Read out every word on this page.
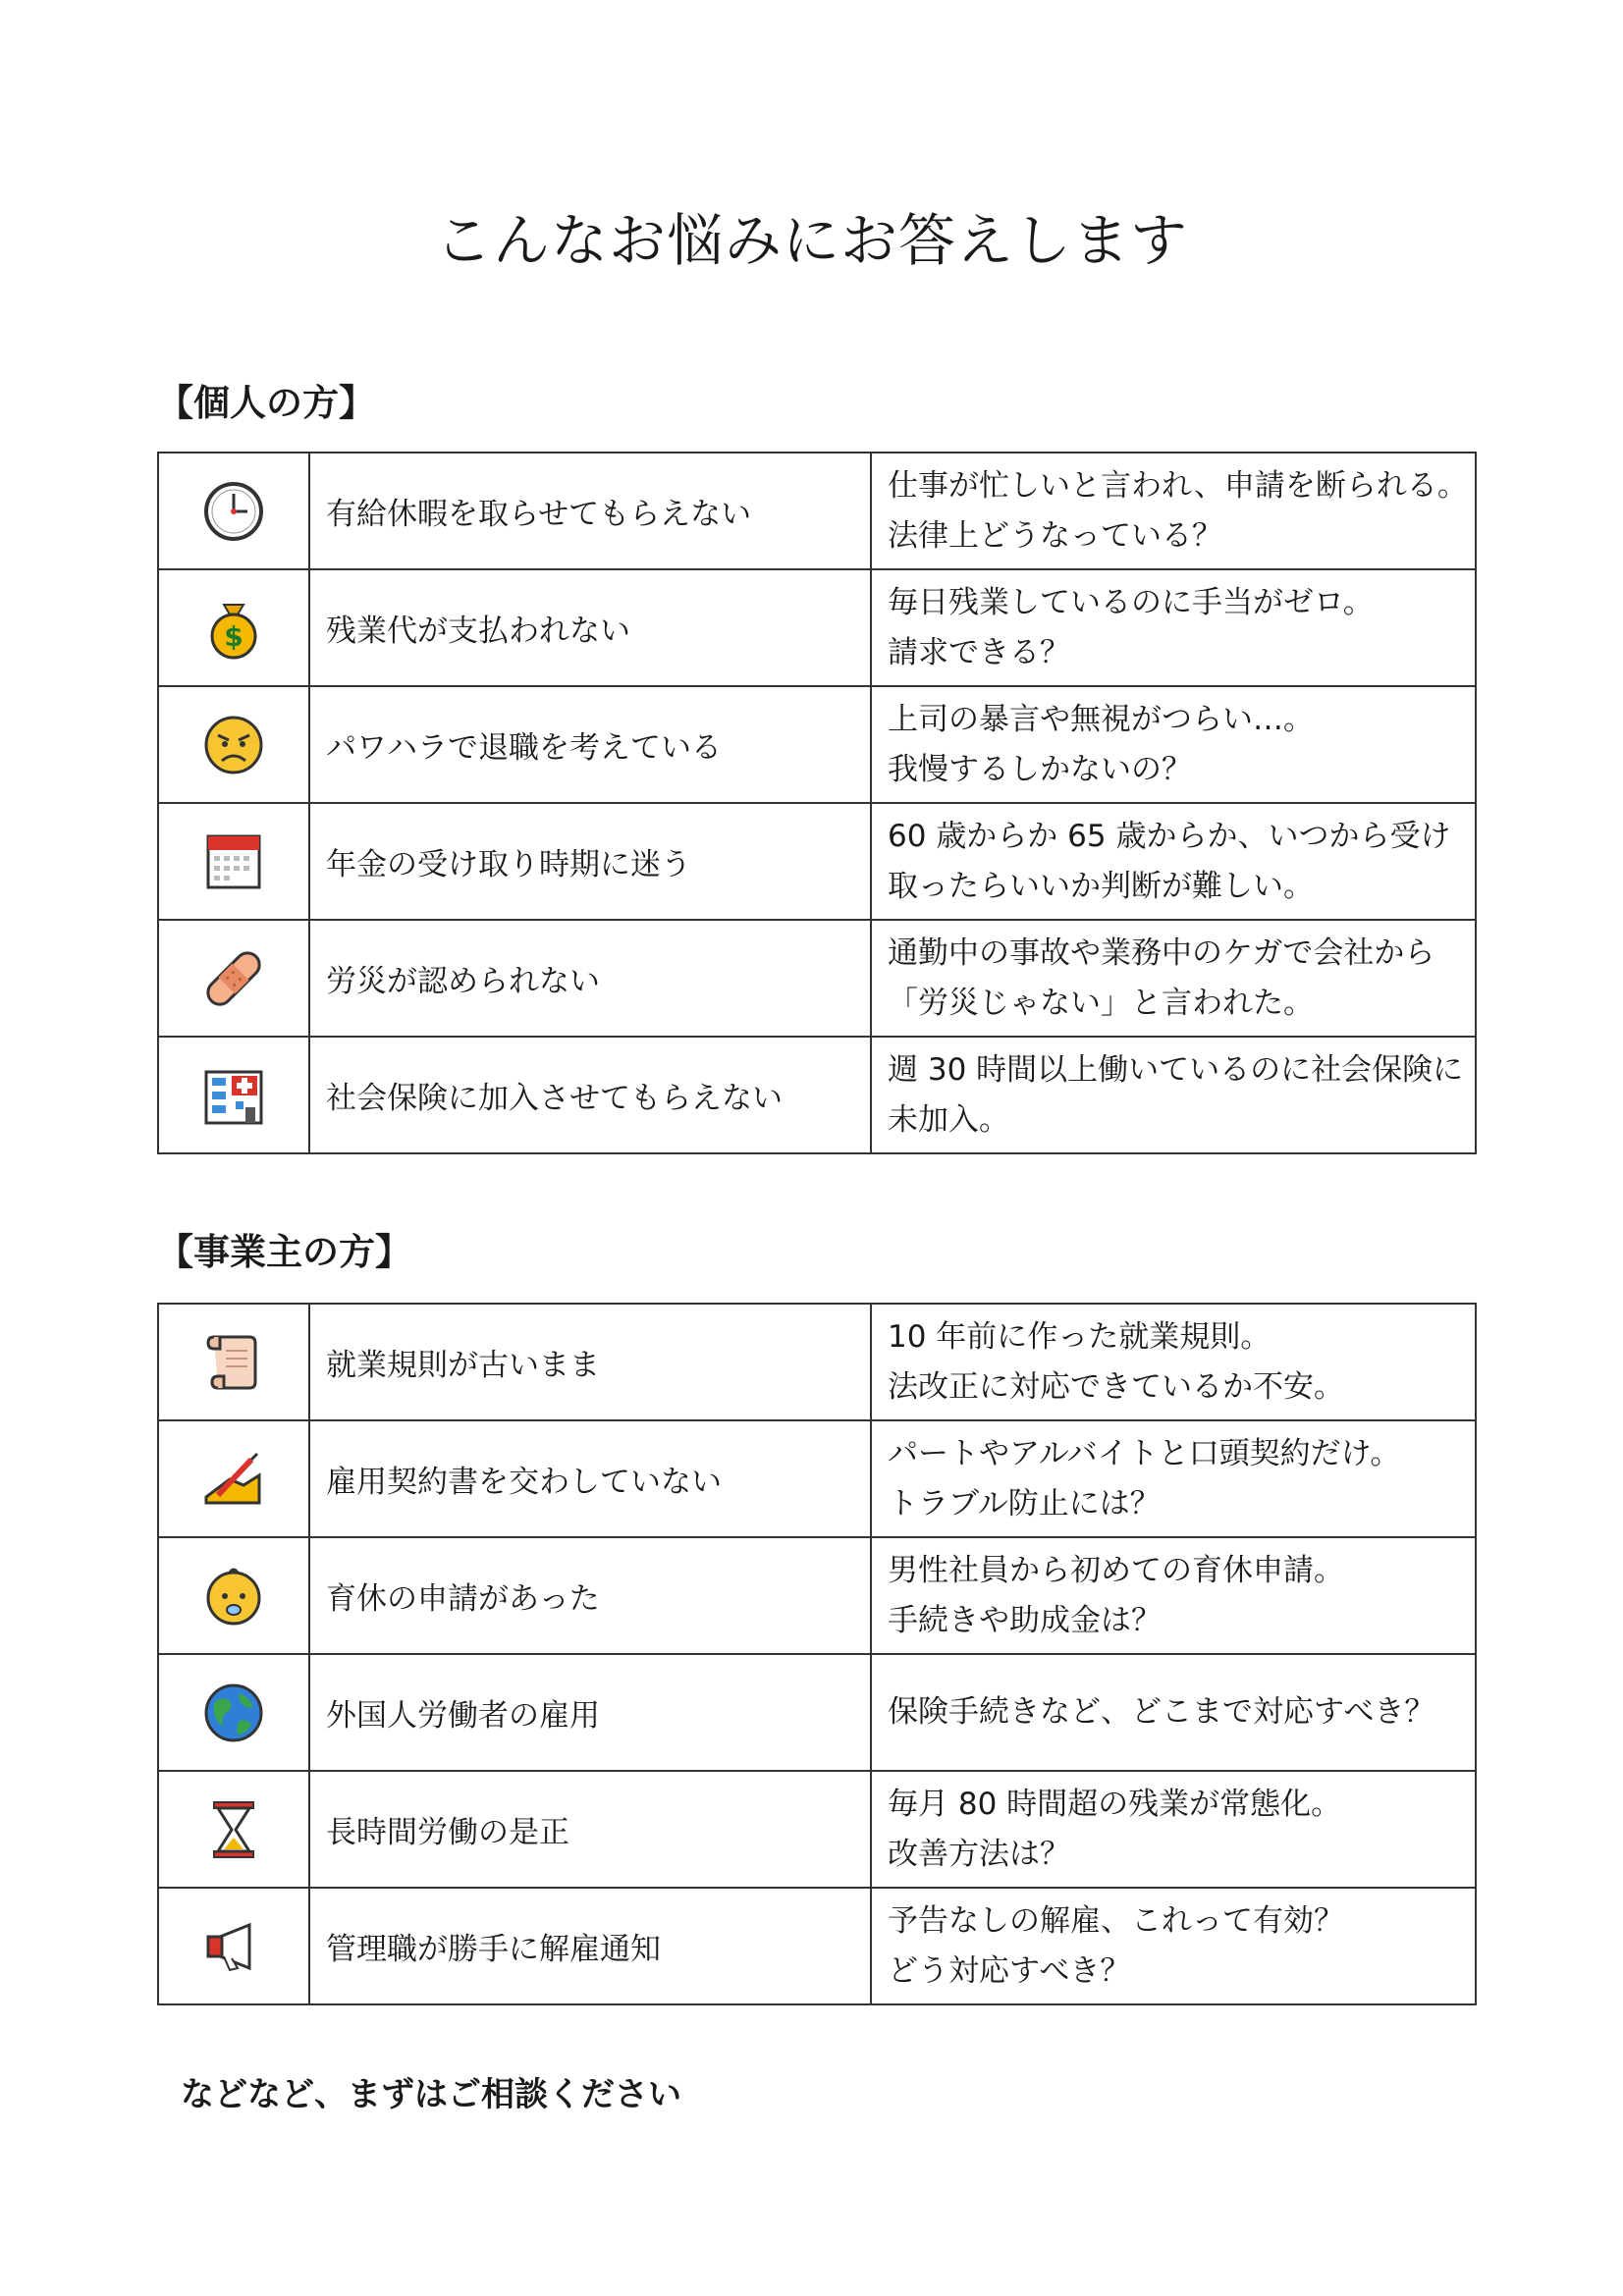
こんなお悩みにお答えします
【個人の方】
	有給休暇を取らせてもらえない	仕事が忙しいと言われ、申請を断られる。
法律上どうなっている？

$	残業代が支払われない	毎日残業しているのに手当がゼロ。
請求できる？

	パワハラで退職を考えている	上司の暴言や無視がつらい…。
我慢するしかないの？

	年金の受け取り時期に迷う	60 歳からか 65 歳からか、いつから受け
取ったらいいか判断が難しい。

	労災が認められない	通勤中の事故や業務中のケガで会社から
「労災じゃない」と言われた。

	社会保険に加入させてもらえない	週 30 時間以上働いているのに社会保険に
未加入。
【事業主の方】
	就業規則が古いまま	10 年前に作った就業規則。
法改正に対応できているか不安。

	雇用契約書を交わしていない	パートやアルバイトと口頭契約だけ。
トラブル防止には？

	育休の申請があった	男性社員から初めての育休申請。
手続きや助成金は？

	外国人労働者の雇用	保険手続きなど、どこまで対応すべき？

	長時間労働の是正	毎月 80 時間超の残業が常態化。
改善方法は？

	管理職が勝手に解雇通知	予告なしの解雇、これって有効？
どう対応すべき？

などなど、まずはご相談ください
